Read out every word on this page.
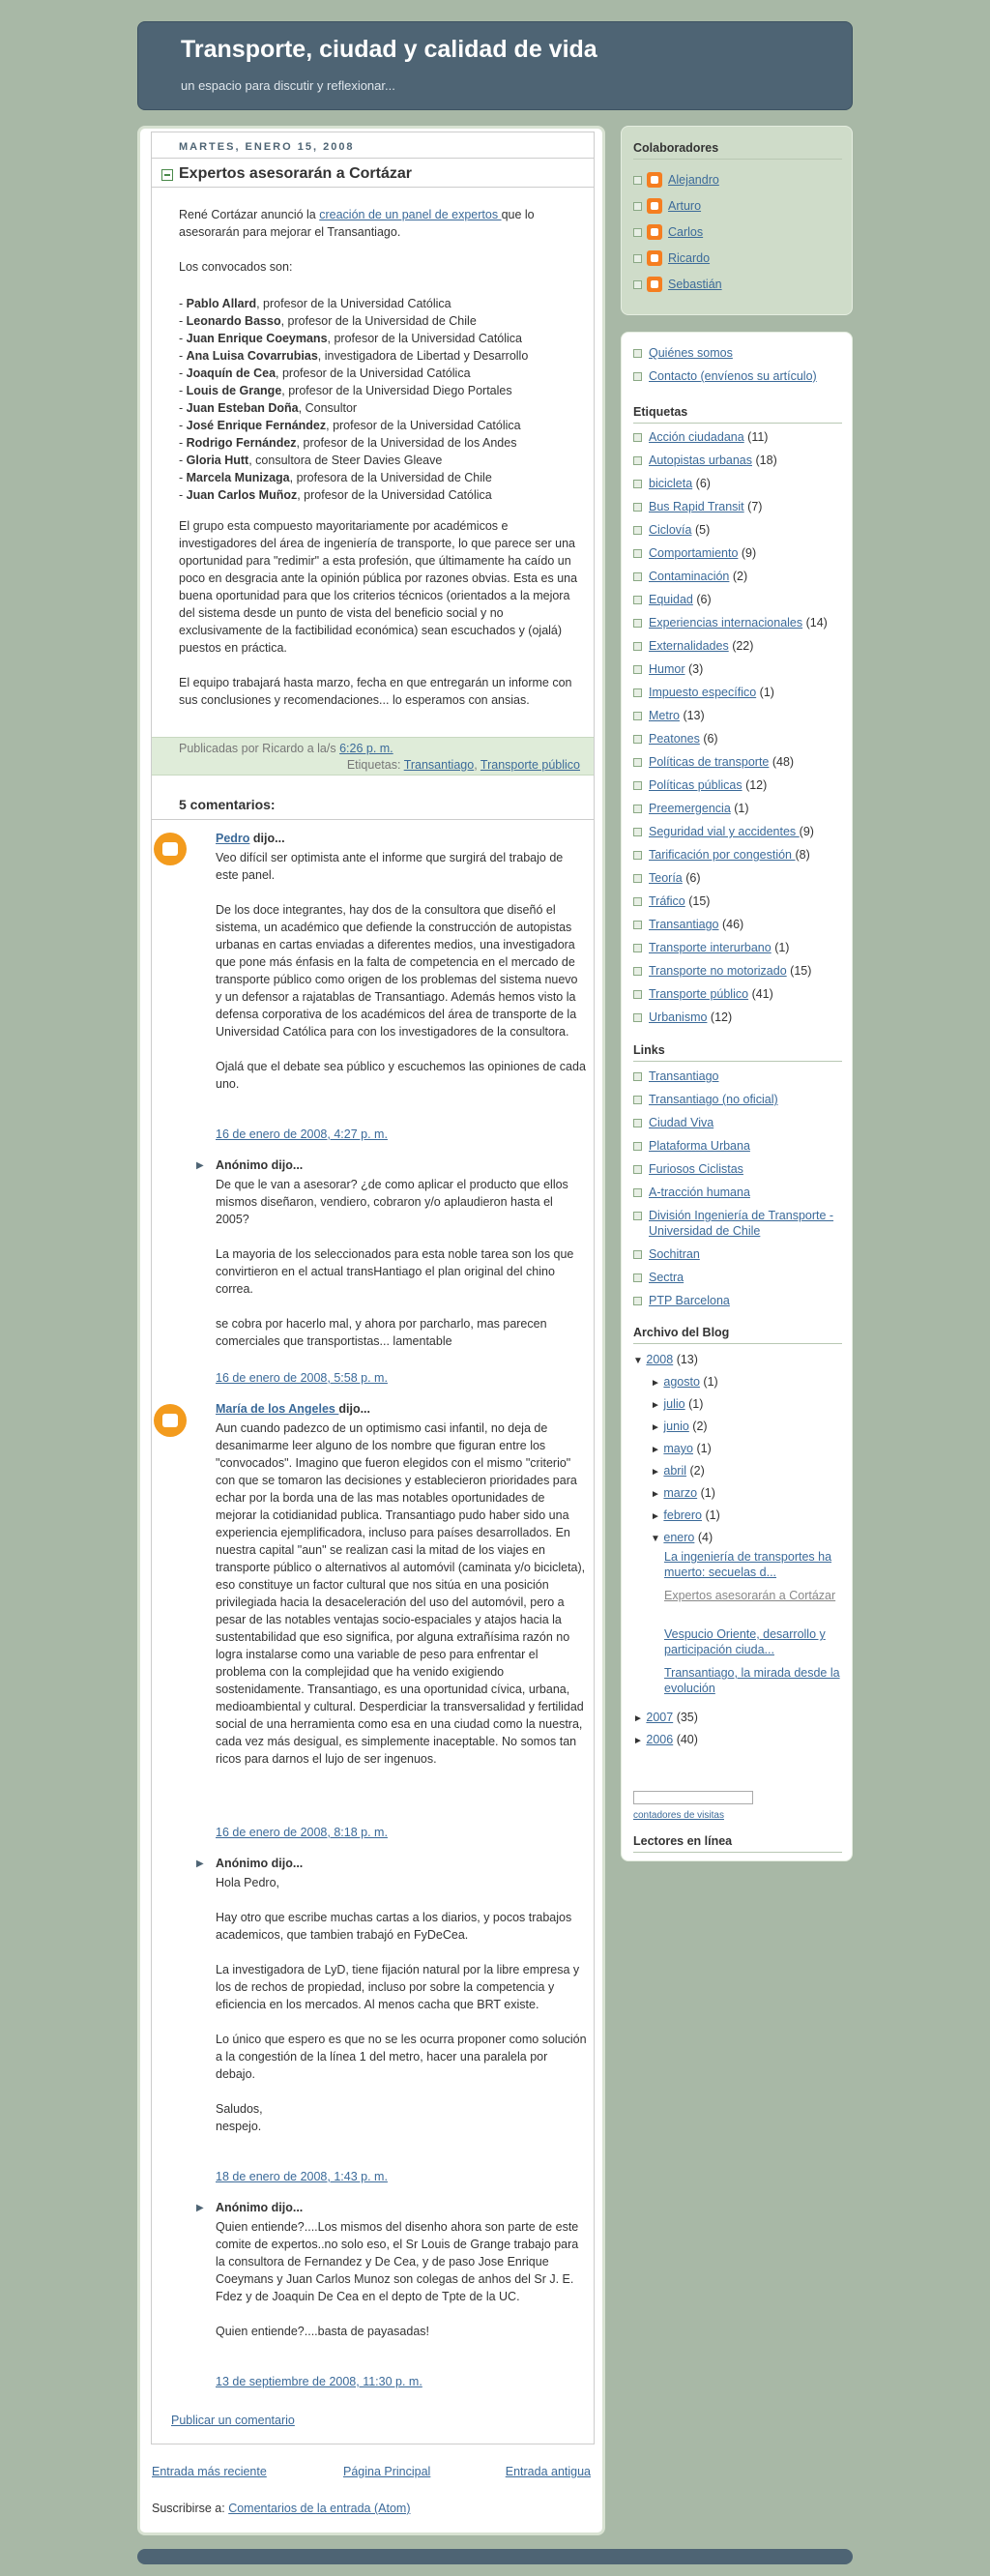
Transporte, ciudad y calidad de vida
un espacio para discutir y reflexionar...
MARTES, ENERO 15, 2008
Expertos asesorarán a Cortázar
René Cortázar anunció la creación de un panel de expertos que lo asesorarán para mejorar el Transantiago.
Los convocados son:
- Pablo Allard, profesor de la Universidad Católica
- Leonardo Basso, profesor de la Universidad de Chile
- Juan Enrique Coeymans, profesor de la Universidad Católica
- Ana Luisa Covarrubias, investigadora de Libertad y Desarrollo
- Joaquín de Cea, profesor de la Universidad Católica
- Louis de Grange, profesor de la Universidad Diego Portales
- Juan Esteban Doña, Consultor
- José Enrique Fernández, profesor de la Universidad Católica
- Rodrigo Fernández, profesor de la Universidad de los Andes
- Gloria Hutt, consultora de Steer Davies Gleave
- Marcela Munizaga, profesora de la Universidad de Chile
- Juan Carlos Muñoz, profesor de la Universidad Católica
El grupo esta compuesto mayoritariamente por académicos e investigadores del área de ingeniería de transporte, lo que parece ser una oportunidad para "redimir" a esta profesión, que últimamente ha caído un poco en desgracia ante la opinión pública por razones obvias. Esta es una buena oportunidad para que los criterios técnicos (orientados a la mejora del sistema desde un punto de vista del beneficio social y no exclusivamente de la factibilidad económica) sean escuchados y (ojalá) puestos en práctica.
El equipo trabajará hasta marzo, fecha en que entregarán un informe con sus conclusiones y recomendaciones... lo esperamos con ansias.
Publicadas por Ricardo a la/s 6:26 p. m.
Etiquetas: Transantiago, Transporte público
5 comentarios:
Pedro dijo...

Veo difícil ser optimista ante el informe que surgirá del trabajo de este panel.

De los doce integrantes, hay dos de la consultora que diseñó el sistema, un académico que defiende la construcción de autopistas urbanas en cartas enviadas a diferentes medios, una investigadora que pone más énfasis en la falta de competencia en el mercado de transporte público como origen de los problemas del sistema nuevo y un defensor a rajatablas de Transantiago. Además hemos visto la defensa corporativa de los académicos del área de transporte de la Universidad Católica para con los investigadores de la consultora.

Ojalá que el debate sea público y escuchemos las opiniones de cada uno.

16 de enero de 2008, 4:27 p. m.
▶ Anónimo dijo...

De que le van a asesorar? ¿de como aplicar el producto que ellos mismos diseñaron, vendiero, cobraron y/o aplaudieron hasta el 2005?

La mayoria de los seleccionados para esta noble tarea son los que convirtieron en el actual transHantiago el plan original del chino correa.

se cobra por hacerlo mal, y ahora por parcharlo, mas parecen comerciales que transportistas... lamentable

16 de enero de 2008, 5:58 p. m.
María de los Angeles dijo...
Aun cuando padezco de un optimismo casi infantil, no deja de desanimarme leer alguno de los nombre que figuran entre los "convocados". Imagino que fueron elegidos con el mismo "criterio" con que se tomaron las decisiones y establecieron prioridades para echar por la borda una de las mas notables oportunidades de mejorar la cotidianidad publica. Transantiago pudo haber sido una experiencia ejemplificadora, incluso para países desarrollados. En nuestra capital "aun" se realizan casi la mitad de los viajes en transporte público o alternativos al automóvil (caminata y/o bicicleta), eso constituye un factor cultural que nos sitúa en una posición privilegiada hacia la desaceleración del uso del automóvil, pero a pesar de las notables ventajas socio-espaciales y atajos hacia la sustentabilidad que eso significa, por alguna extrañísima razón no logra instalarse como una variable de peso para enfrentar el problema con la complejidad que ha venido exigiendo sostenidamente. Transantiago, es una oportunidad cívica, urbana, medioambiental y cultural. Desperdiciar la transversalidad y fertilidad social de una herramienta como esa en una ciudad como la nuestra, cada vez más desigual, es simplemente inaceptable. No somos tan ricos para darnos el lujo de ser ingenuos.
16 de enero de 2008, 8:18 p. m.
▶ Anónimo dijo...

Hola Pedro,

Hay otro que escribe muchas cartas a los diarios, y pocos trabajos academicos, que tambien trabajó en FyDeCea.

La investigadora de LyD, tiene fijación natural por la libre empresa y los de rechos de propiedad, incluso por sobre la competencia y eficiencia en los mercados. Al menos cacha que BRT existe.

Lo único que espero es que no se les ocurra proponer como solución a la congestión de la línea 1 del metro, hacer una paralela por debajo.

Saludos,
nespejo.

18 de enero de 2008, 1:43 p. m.
▶ Anónimo dijo...

Quien entiende?....Los mismos del disenho ahora son parte de este comite de expertos..no solo eso, el Sr Louis de Grange trabajo para la consultora de Fernandez y De Cea, y de paso Jose Enrique Coeymans y Juan Carlos Munoz son colegas de anhos del Sr J. E. Fdez y de Joaquin De Cea en el depto de Tpte de la UC.

Quien entiende?....basta de payasadas!

13 de septiembre de 2008, 11:30 p. m.
Publicar un comentario
Entrada más reciente	Página Principal	Entrada antigua
Suscribirse a: Comentarios de la entrada (Atom)
Colaboradores
Alejandro
Arturo
Carlos
Ricardo
Sebastián
Quiénes somos
Contacto (envíenos su artículo)
Etiquetas
Acción ciudadana (11)
Autopistas urbanas (18)
bicicleta (6)
Bus Rapid Transit (7)
Ciclovía (5)
Comportamiento (9)
Contaminación (2)
Equidad (6)
Experiencias internacionales (14)
Externalidades (22)
Humor (3)
Impuesto específico (1)
Metro (13)
Peatones (6)
Políticas de transporte (48)
Políticas públicas (12)
Preemergencia (1)
Seguridad vial y accidentes (9)
Tarificación por congestión (8)
Teoría (6)
Tráfico (15)
Transantiago (46)
Transporte interurbano (1)
Transporte no motorizado (15)
Transporte público (41)
Urbanismo (12)
Links
Transantiago
Transantiago (no oficial)
Ciudad Viva
Plataforma Urbana
Furiosos Ciclistas
A-tracción humana
División Ingeniería de Transporte - Universidad de Chile
Sochitran
Sectra
PTP Barcelona
Archivo del Blog
▼ 2008 (13)
► agosto (1)
► julio (1)
► junio (2)
► mayo (1)
► abril (2)
► marzo (1)
► febrero (1)
▼ enero (4)
La ingeniería de transportes ha muerto: secuelas d...
Expertos asesorarán a Cortázar
Vespucio Oriente, desarrollo y participación ciuda...
Transantiago, la mirada desde la evolución
► 2007 (35)
► 2006 (40)
contadores de visitas
Lectores en línea
